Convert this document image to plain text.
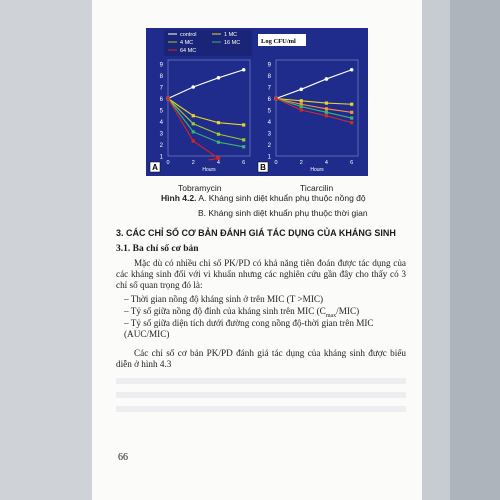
1
2
3
4
5
6
7
8
9
0	2	4	6
Hours
A
control	1 MC
4 MC	16 MC
64 MC
1
2
3
4
5
6
7
8
9
0	2	4	6
Hours
B
Log CFU/ml
Tobramycin	Ticarcilin
Hình 4.2. A. Kháng sinh diệt khuẩn phụ thuộc nồng độ
B. Kháng sinh diệt khuẩn phụ thuộc thời gian
3. CÁC CHỈ SỐ CƠ BẢN ĐÁNH GIÁ TÁC DỤNG CỦA KHÁNG SINH
3.1. Ba chỉ số cơ bản
Mặc dù có nhiều chỉ số PK/PD có khả năng tiên đoán được tác dụng của các kháng sinh đối với vi khuẩn nhưng các nghiên cứu gần đây cho thấy có 3 chỉ số quan trọng đó là:
– Thời gian nồng độ kháng sinh ở trên MIC (T >MIC)
– Tỷ số giữa nồng độ đỉnh của kháng sinh trên MIC $(C_{max}/MIC)$
– Tỷ số giữa diện tích dưới đường cong nồng độ-thời gian trên MIC (AUC/MIC)
Các chỉ số cơ bản PK/PD đánh giá tác dụng của kháng sinh được biểu diễn ở hình 4.3
66
